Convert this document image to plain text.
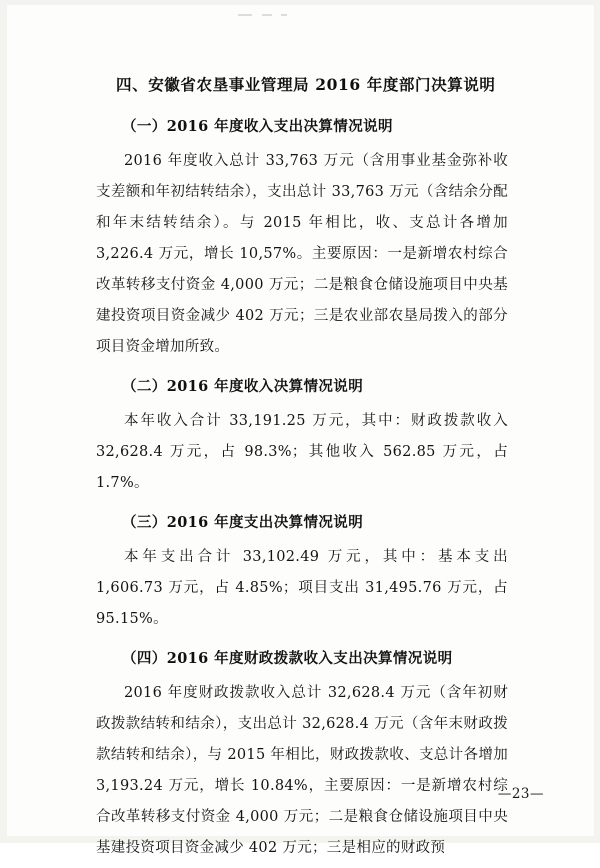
四、安徽省农垦事业管理局 2016 年度部门决算说明
（一）2016 年度收入支出决算情况说明

2016 年度收入总计 33,763 万元（含用事业基金弥补收支差额和年初结转结余），支出总计 33,763 万元（含结余分配和年末结转结余）。与 2015 年相比，收、支总计各增加 3,226.4 万元，增长 10,57%。主要原因：一是新增农村综合改革转移支付资金 4,000 万元；二是粮食仓储设施项目中央基建投资项目资金减少 402 万元；三是农业部农垦局拨入的部分项目资金增加所致。

（二）2016 年度收入决算情况说明

本年收入合计 33,191.25 万元，其中：财政拨款收入 32,628.4 万元，占 98.3%；其他收入 562.85 万元，占 1.7%。

（三）2016 年度支出决算情况说明

本年支出合计 33,102.49 万元，其中：基本支出 1,606.73 万元，占 4.85%；项目支出 31,495.76 万元，占 95.15%。

（四）2016 年度财政拨款收入支出决算情况说明

2016 年度财政拨款收入总计 32,628.4 万元（含年初财政拨款结转和结余），支出总计 32,628.4 万元（含年末财政拨款结转和结余），与 2015 年相比，财政拨款收、支总计各增加 3,193.24 万元，增长 10.84%，主要原因：一是新增农村综合改革转移支付资金 4,000 万元；二是粮食仓储设施项目中央基建投资项目资金减少 402 万元；三是相应的财政预

—23—
